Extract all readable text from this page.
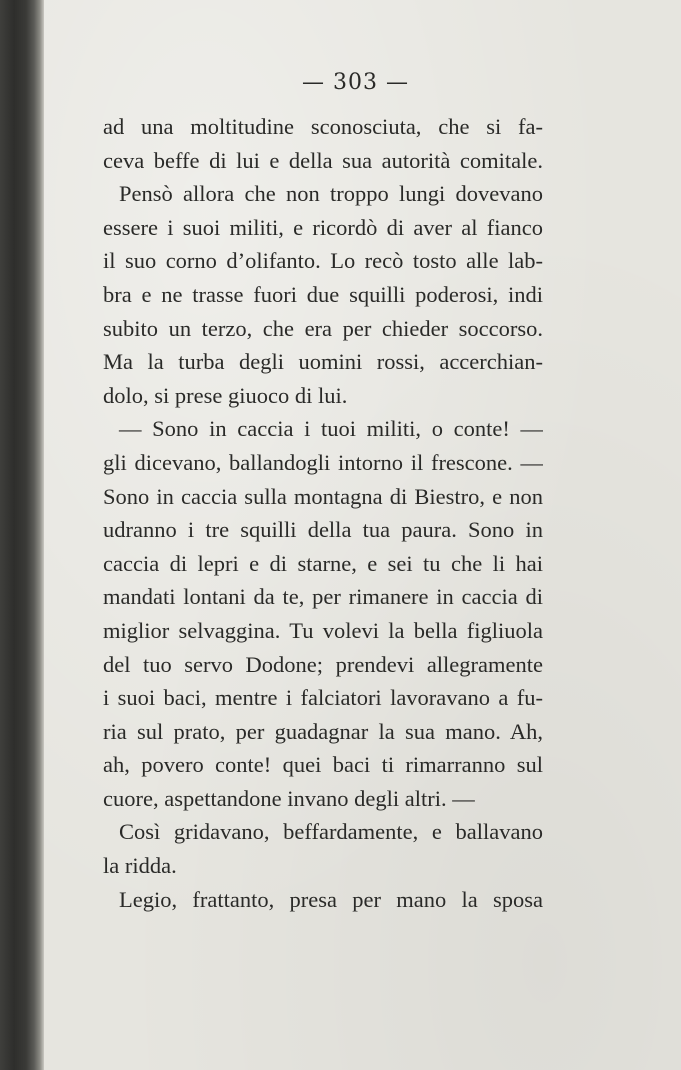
— 303 —
ad una moltitudine sconosciuta, che si fa-
ceva beffe di lui e della sua autorità comitale.
Pensò allora che non troppo lungi dovevano
essere i suoi militi, e ricordò di aver al fianco
il suo corno d’olifanto. Lo recò tosto alle lab-
bra e ne trasse fuori due squilli poderosi, indi
subito un terzo, che era per chieder soccorso.
Ma la turba degli uomini rossi, accerchian-
dolo, si prese giuoco di lui.
— Sono in caccia i tuoi militi, o conte! —
gli dicevano, ballandogli intorno il frescone. —
Sono in caccia sulla montagna di Biestro, e non
udranno i tre squilli della tua paura. Sono in
caccia di lepri e di starne, e sei tu che li hai
mandati lontani da te, per rimanere in caccia di
miglior selvaggina. Tu volevi la bella figliuola
del tuo servo Dodone; prendevi allegramente
i suoi baci, mentre i falciatori lavoravano a fu-
ria sul prato, per guadagnar la sua mano. Ah,
ah, povero conte! quei baci ti rimarranno sul
cuore, aspettandone invano degli altri. —
Così gridavano, beffardamente, e ballavano
la ridda.
Legio, frattanto, presa per mano la sposa
